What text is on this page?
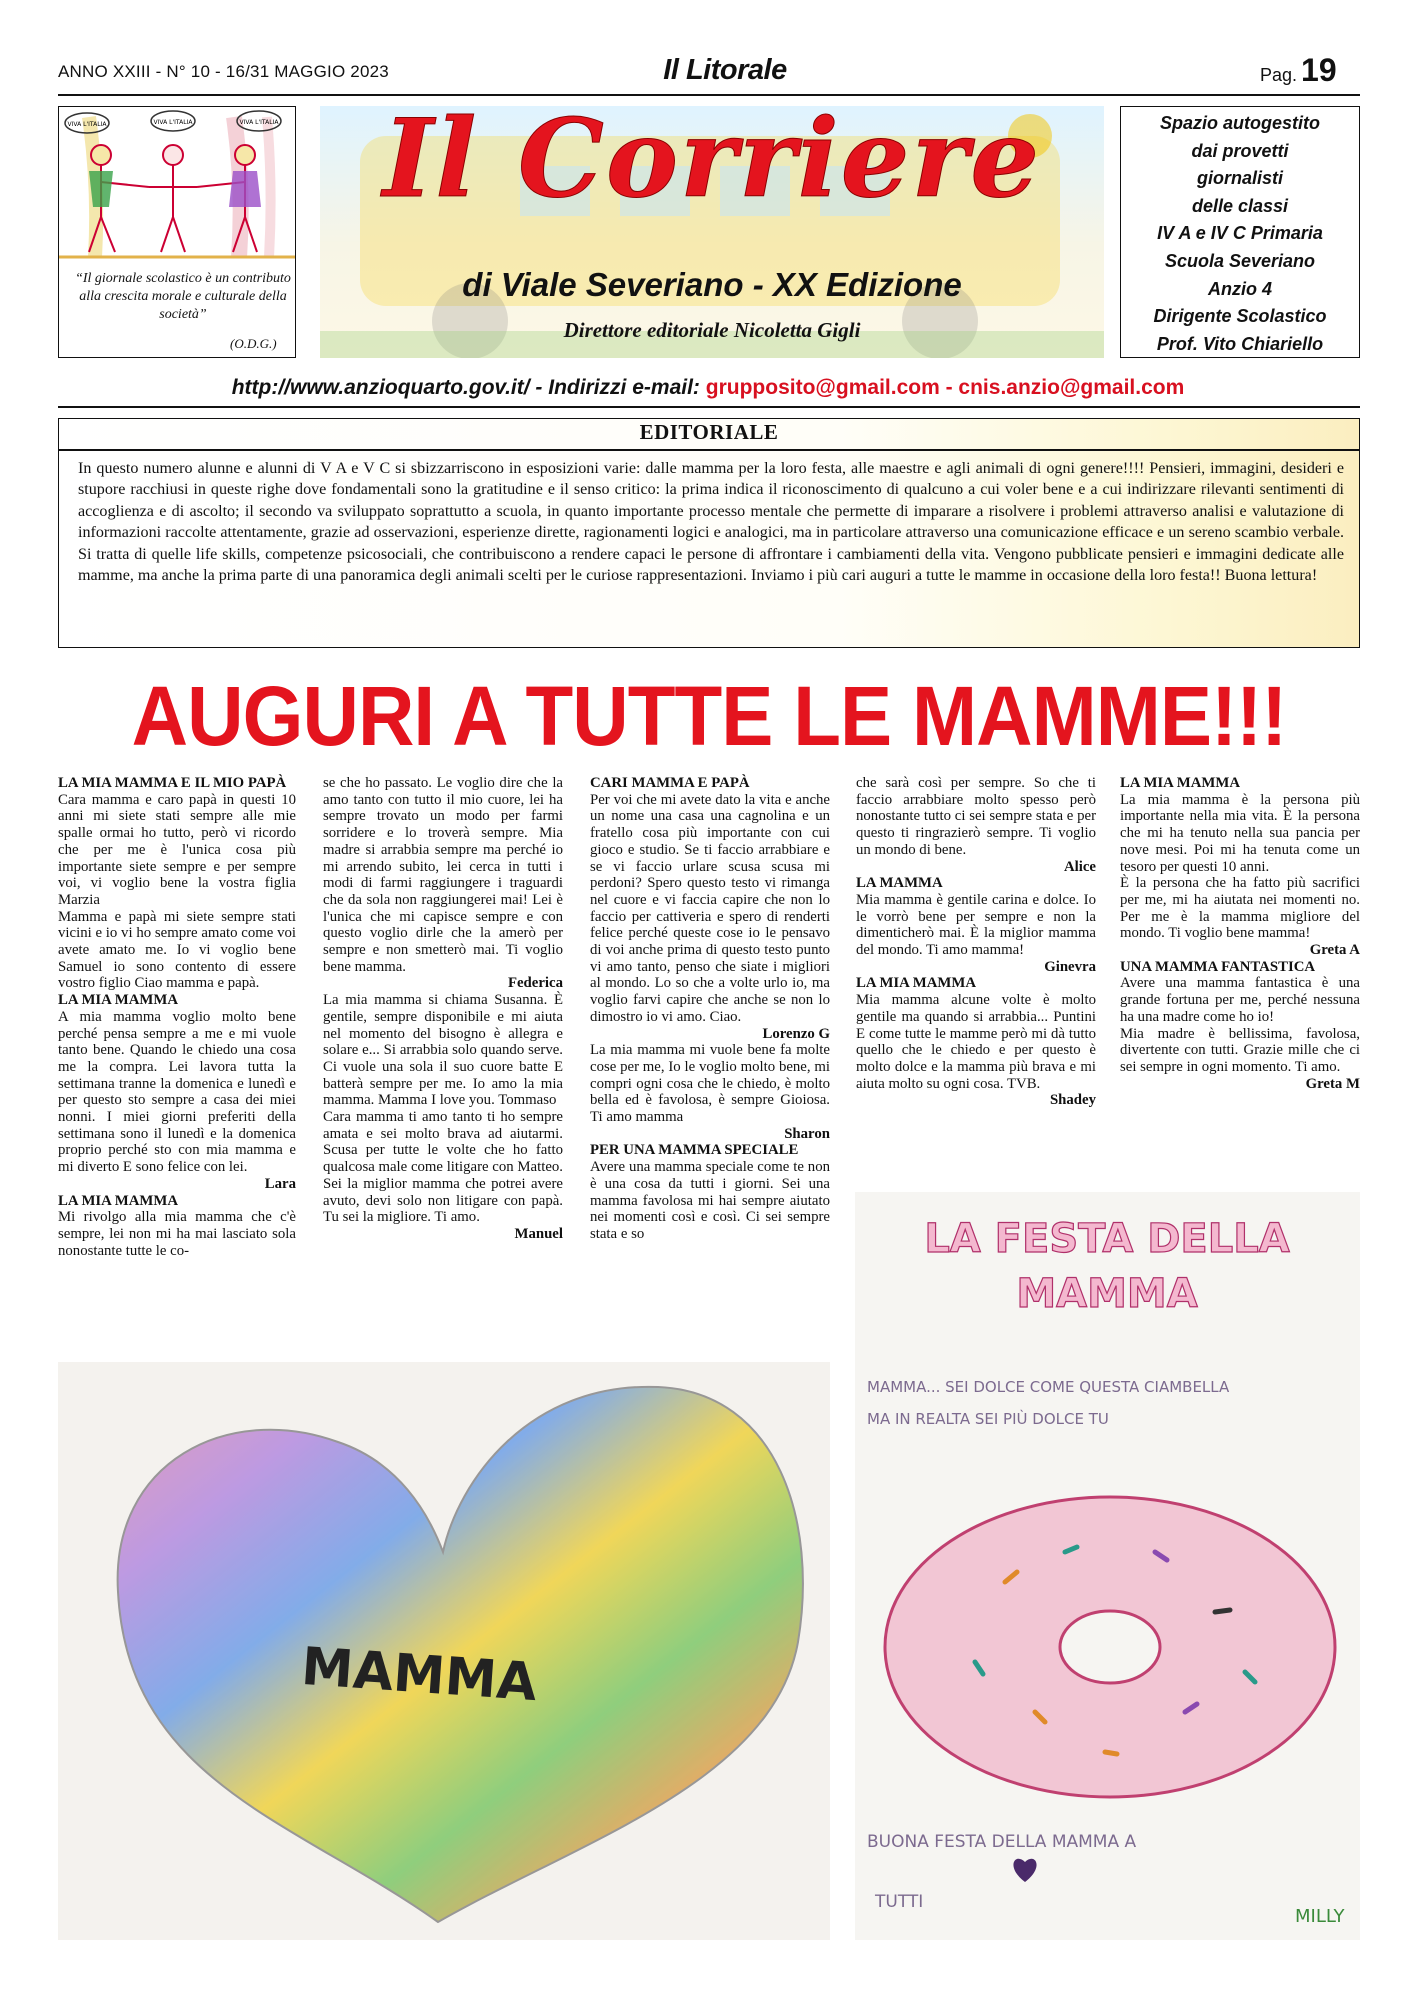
ANNO XXIII - N° 10 - 16/31 MAGGIO 2023	Il Litorale	Pag. 19
VIVA L'ITALIA	VIVA L'ITALIA	VIVA L'ITALIA
“Il giornale scolastico è un contributo alla crescita morale e culturale della società”
(O.D.G.)
Il Corriere
di Viale Severiano - XX Edizione
Direttore editoriale Nicoletta Gigli
Spazio autogestito
dai provetti
giornalisti
delle classi
IV A e IV C Primaria
Scuola Severiano
Anzio 4
Dirigente Scolastico
Prof. Vito Chiariello
http://www.anzioquarto.gov.it/ - Indirizzi e-mail: grupposito@gmail.com - cnis.anzio@gmail.com
EDITORIALE
In questo numero alunne e alunni di V A e V C si sbizzarriscono in esposizioni varie: dalle mamma per la loro festa, alle maestre e agli animali di ogni genere!!!! Pensieri, immagini, desideri e stupore racchiusi in queste righe dove fondamentali sono la gratitudine e il senso critico: la prima indica il riconoscimento di qualcuno a cui voler bene e a cui indirizzare rilevanti sentimenti di accoglienza e di ascolto; il secondo va sviluppato soprattutto a scuola, in quanto importante processo mentale che permette di imparare a risolvere i problemi attraverso analisi e valutazione di informazioni raccolte attentamente, grazie ad osservazioni, esperienze dirette, ragionamenti logici e analogici, ma in particolare attraverso una comunicazione efficace e un sereno scambio verbale. Si tratta di quelle life skills, competenze psicosociali, che contribuiscono a rendere capaci le persone di affrontare i cambiamenti della vita. Vengono pubblicate pensieri e immagini dedicate alle mamme, ma anche la prima parte di una panoramica degli animali scelti per le curiose rappresentazioni. Inviamo i più cari auguri a tutte le mamme in occasione della loro festa!! Buona lettura!
AUGURI A TUTTE LE MAMME!!!

LA MIA MAMMA E IL MIO PAPÀ

Cara mamma e caro papà in questi 10 anni mi siete stati sempre alle mie spalle ormai ho tutto, però vi ricordo che per me è l'unica cosa più importante siete sempre e per sempre voi, vi voglio bene la vostra figlia Marzia

Mamma e papà mi siete sempre stati vicini e io vi ho sempre amato come voi avete amato me. Io vi voglio bene Samuel io sono contento di essere vostro figlio Ciao mamma e papà.

LA MIA MAMMA

A mia mamma voglio molto bene perché pensa sempre a me e mi vuole tanto bene. Quando le chiedo una cosa me la compra. Lei lavora tutta la settimana tranne la domenica e lunedì e per questo sto sempre a casa dei miei nonni. I miei giorni preferiti della settimana sono il lunedì e la domenica proprio perché sto con mia mamma e mi diverto E sono felice con lei.

Lara

LA MIA MAMMA

Mi rivolgo alla mia mamma che c'è sempre, lei non mi ha mai lasciato sola nonostante tutte le co-

se che ho passato. Le voglio dire che la amo tanto con tutto il mio cuore, lei ha sempre trovato un modo per farmi sorridere e lo troverà sempre. Mia madre si arrabbia sempre ma perché io mi arrendo subito, lei cerca in tutti i modi di farmi raggiungere i traguardi che da sola non raggiungerei mai! Lei è l'unica che mi capisce sempre e con questo voglio dirle che la amerò per sempre e non smetterò mai. Ti voglio bene mamma.

Federica

La mia mamma si chiama Susanna. È gentile, sempre disponibile e mi aiuta nel momento del bisogno è allegra e solare e... Si arrabbia solo quando serve. Ci vuole una sola il suo cuore batte E batterà sempre per me. Io amo la mia mamma. Mamma I love you. Tommaso

Cara mamma ti amo tanto ti ho sempre amata e sei molto brava ad aiutarmi. Scusa per tutte le volte che ho fatto qualcosa male come litigare con Matteo. Sei la miglior mamma che potrei avere avuto, devi solo non litigare con papà. Tu sei la migliore. Ti amo.

Manuel

CARI MAMMA E PAPÀ

Per voi che mi avete dato la vita e anche un nome una casa una cagnolina e un fratello cosa più importante con cui gioco e studio. Se ti faccio arrabbiare e se vi faccio urlare scusa scusa mi perdoni? Spero questo testo vi rimanga nel cuore e vi faccia capire che non lo faccio per cattiveria e spero di renderti felice perché queste cose io le pensavo di voi anche prima di questo testo punto vi amo tanto, penso che siate i migliori al mondo. Lo so che a volte urlo io, ma voglio farvi capire che anche se non lo dimostro io vi amo. Ciao.

Lorenzo G

La mia mamma mi vuole bene fa molte cose per me, Io le voglio molto bene, mi compri ogni cosa che le chiedo, è molto bella ed è favolosa, è sempre Gioiosa. Ti amo mamma

Sharon

PER UNA MAMMA SPECIALE

Avere una mamma speciale come te non è una cosa da tutti i giorni. Sei una mamma favolosa mi hai sempre aiutato nei momenti così e così. Ci sei sempre stata e so

che sarà così per sempre. So che ti faccio arrabbiare molto spesso però nonostante tutto ci sei sempre stata e per questo ti ringrazierò sempre. Ti voglio un mondo di bene.

Alice

LA MAMMA

Mia mamma è gentile carina e dolce. Io le vorrò bene per sempre e non la dimenticherò mai. È la miglior mamma del mondo. Ti amo mamma!

Ginevra

LA MIA MAMMA

Mia mamma alcune volte è molto gentile ma quando si arrabbia... Puntini E come tutte le mamme però mi dà tutto quello che le chiedo e per questo è molto dolce e la mamma più brava e mi aiuta molto su ogni cosa. TVB.

Shadey

LA MIA MAMMA

La mia mamma è la persona più importante nella mia vita. È la persona che mi ha tenuto nella sua pancia per nove mesi. Poi mi ha tenuta come un tesoro per questi 10 anni.

È la persona che ha fatto più sacrifici per me, mi ha aiutata nei momenti no. Per me è la mamma migliore del mondo. Ti voglio bene mamma!

Greta A

UNA MAMMA FANTASTICA

Avere una mamma fantastica è una grande fortuna per me, perché nessuna ha una madre come ho io!

Mia madre è bellissima, favolosa, divertente con tutti. Grazie mille che ci sei sempre in ogni momento. Ti amo.

Greta M

MAMMA
LA FESTA DELLA
MAMMA
MAMMA... SEI DOLCE COME QUESTA CIAMBELLA
MA IN REALTA SEI PIÙ DOLCE TU
BUONA FESTA DELLA MAMMA A
TUTTI
MILLY
